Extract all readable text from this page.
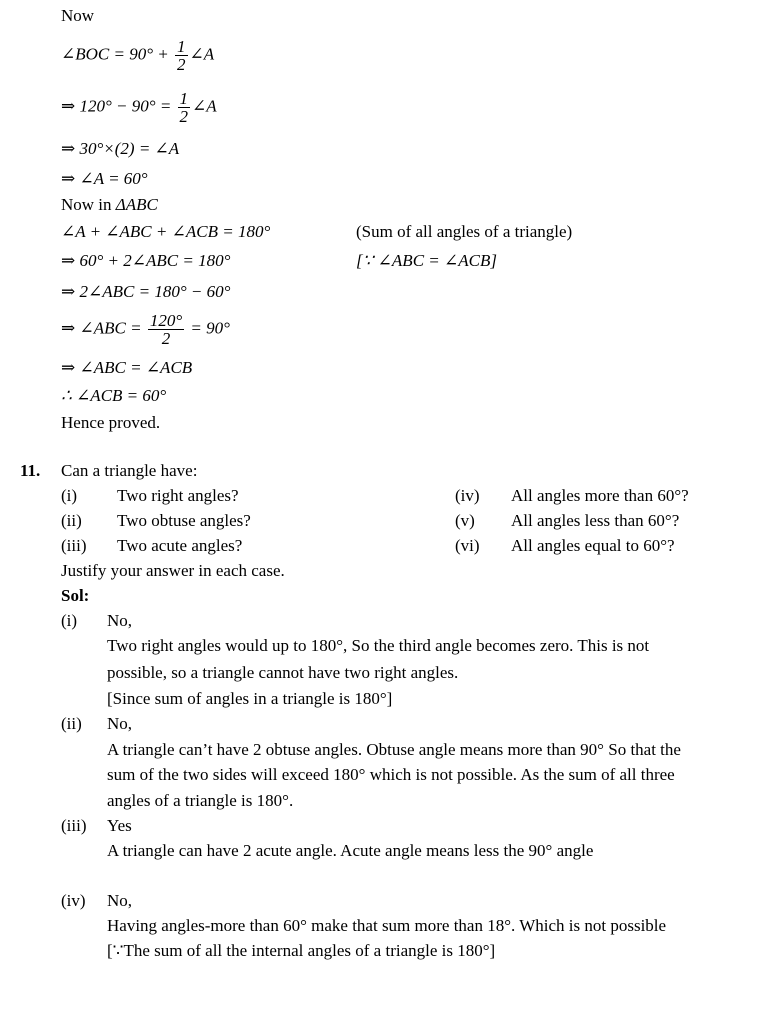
Now
∠BOC = $90^\circ + \frac{1}{2}$ ∠A
⇒ $120^\circ - 90^\circ = \frac{1}{2}$ ∠A
⇒ 30°×(2) = ∠A
⇒ ∠A = 60°
Now in ΔABC
∠A + ∠ABC + ∠ACB = 180°	(Sum of all angles of a triangle)
⇒ 60° + 2∠ABC = 180°	[∵ ∠ABC = ∠ACB]
⇒ 2∠ABC = 180° − 60°
⇒ ∠ABC = $\frac{120^\circ}{2} = 90^\circ$
⇒ ∠ABC = ∠ACB
∴ ∠ACB = 60°
Hence proved.
11. Can a triangle have:
(i) Two right angles?
(ii) Two obtuse angles?
(iii) Two acute angles?
(iv) All angles more than 60°?
(v) All angles less than 60°?
(vi) All angles equal to 60°?
Justify your answer in each case.
Sol:
(i) No,
Two right angles would up to 180°, So the third angle becomes zero. This is not
possible, so a triangle cannot have two right angles.
[Since sum of angles in a triangle is 180°]
(ii) No,
A triangle can’t have 2 obtuse angles. Obtuse angle means more than 90° So that the
sum of the two sides will exceed 180° which is not possible. As the sum of all three
angles of a triangle is 180°.
(iii) Yes
A triangle can have 2 acute angle. Acute angle means less the 90° angle
(iv) No,
Having angles-more than 60° make that sum more than 18°. Which is not possible
[∵The sum of all the internal angles of a triangle is 180°]
